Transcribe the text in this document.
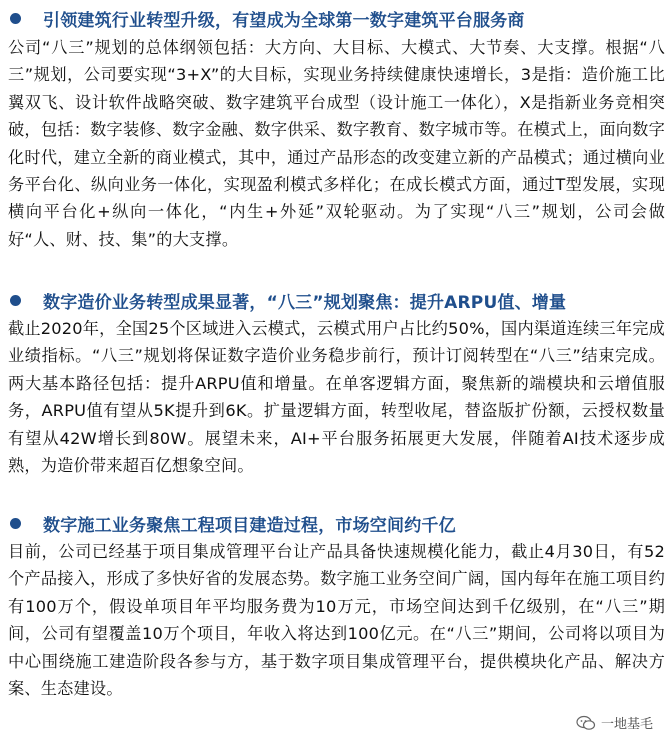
引领建筑行业转型升级，有望成为全球第一数字建筑平台服务商
公司“八三”规划的总体纲领包括：大方向、大目标、大模式、大节奏、大支撑。根据“八三”规划，公司要实现“3+X”的大目标，实现业务持续健康快速增长，3是指：造价施工比翼双飞、设计软件战略突破、数字建筑平台成型（设计施工一体化），X是指新业务竞相突破，包括：数字装修、数字金融、数字供采、数字教育、数字城市等。在模式上，面向数字化时代，建立全新的商业模式，其中，通过产品形态的改变建立新的产品模式；通过横向业务平台化、纵向业务一体化，实现盈利模式多样化；在成长模式方面，通过T型发展，实现横向平台化+纵向一体化，“内生+外延”双轮驱动。为了实现“八三”规划，公司会做好“人、财、技、集”的大支撑。
数字造价业务转型成果显著，“八三”规划聚焦：提升ARPU值、增量
截止2020年，全国25个区域进入云模式，云模式用户占比约50%，国内渠道连续三年完成业绩指标。“八三”规划将保证数字造价业务稳步前行，预计订阅转型在“八三”结束完成。两大基本路径包括：提升ARPU值和增量。在单客逻辑方面，聚焦新的端模块和云增值服务，ARPU值有望从5K提升到6K。扩量逻辑方面，转型收尾，替盗版扩份额，云授权数量有望从42W增长到80W。展望未来，AI+平台服务拓展更大发展，伴随着AI技术逐步成熟，为造价带来超百亿想象空间。
数字施工业务聚焦工程项目建造过程，市场空间约千亿
目前，公司已经基于项目集成管理平台让产品具备快速规模化能力，截止4月30日，有52个产品接入，形成了多快好省的发展态势。数字施工业务空间广阔，国内每年在施工项目约有100万个，假设单项目年平均服务费为10万元，市场空间达到千亿级别，在“八三”期间，公司有望覆盖10万个项目，年收入将达到100亿元。在“八三”期间，公司将以项目为中心围绕施工建造阶段各参与方，基于数字项目集成管理平台，提供模块化产品、解决方案、生态建设。
一地基毛
